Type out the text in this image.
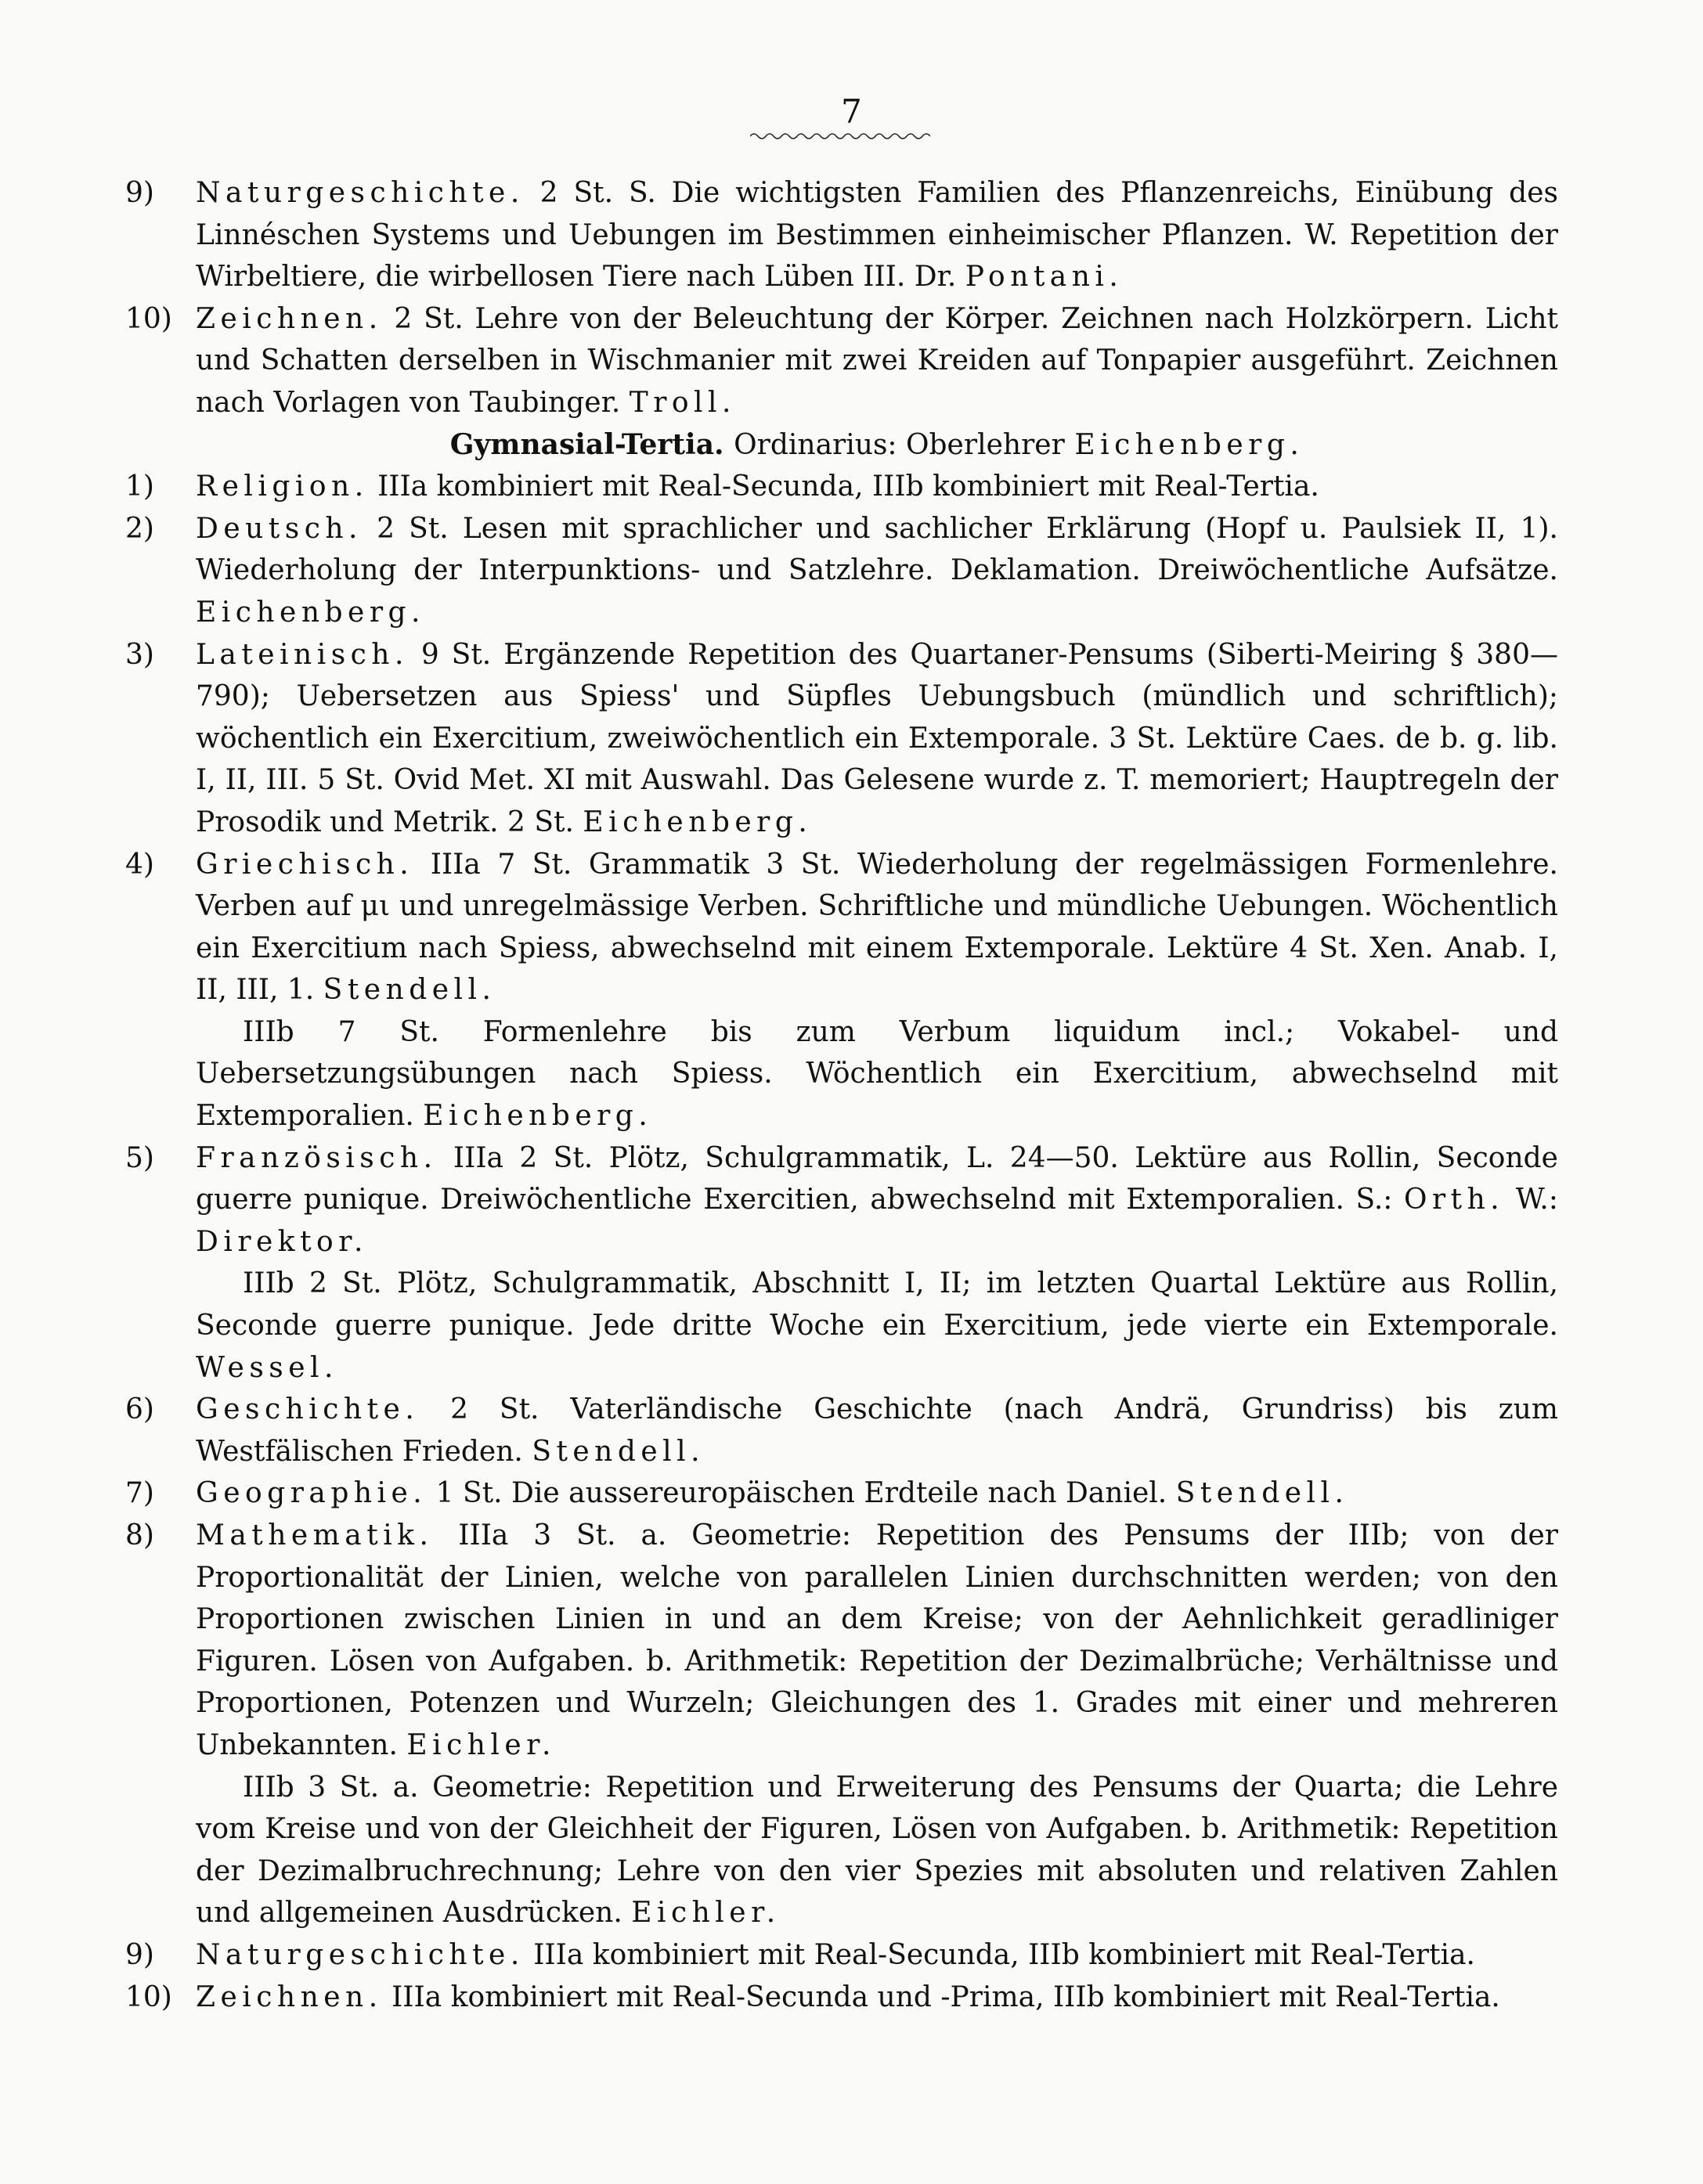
7
9)	Naturgeschichte. 2 St. S. Die wichtigsten Familien des Pflanzenreichs, Einübung des Linnéschen Systems und Uebungen im Bestimmen einheimischer Pflanzen. W. Repetition der Wirbeltiere, die wirbellosen Tiere nach Lüben III. Dr. Pontani.
10) Zeichnen. 2 St. Lehre von der Beleuchtung der Körper. Zeichnen nach Holzkörpern. Licht und Schatten derselben in Wischmanier mit zwei Kreiden auf Tonpapier ausgeführt. Zeichnen nach Vorlagen von Taubinger. Troll.
Gymnasial-Tertia. Ordinarius: Oberlehrer Eichenberg.
1)	Religion. IIIa kombiniert mit Real-Secunda, IIIb kombiniert mit Real-Tertia.
2)	Deutsch. 2 St. Lesen mit sprachlicher und sachlicher Erklärung (Hopf u. Paulsiek II, 1). Wiederholung der Interpunktions- und Satzlehre. Deklamation. Dreiwöchentliche Aufsätze. Eichenberg.
3)	Lateinisch. 9 St. Ergänzende Repetition des Quartaner-Pensums (Siberti-Meiring § 380—790); Uebersetzen aus Spiess' und Süpfles Uebungsbuch (mündlich und schriftlich); wöchentlich ein Exercitium, zweiwöchentlich ein Extemporale. 3 St. Lektüre Caes. de b. g. lib. I, II, III. 5 St. Ovid Met. XI mit Auswahl. Das Gelesene wurde z. T. memoriert; Hauptregeln der Prosodik und Metrik. 2 St. Eichenberg.
4)	Griechisch. IIIa 7 St. Grammatik 3 St. Wiederholung der regelmässigen Formenlehre. Verben auf μι und unregelmässige Verben. Schriftliche und mündliche Uebungen. Wöchentlich ein Exercitium nach Spiess, abwechselnd mit einem Extemporale. Lektüre 4 St. Xen. Anab. I, II, III, 1. Stendell.
IIIb 7 St. Formenlehre bis zum Verbum liquidum incl.; Vokabel- und Uebersetzungsübungen nach Spiess. Wöchentlich ein Exercitium, abwechselnd mit Extemporalien. Eichenberg.
5)	Französisch. IIIa 2 St. Plötz, Schulgrammatik, L. 24—50. Lektüre aus Rollin, Seconde guerre punique. Dreiwöchentliche Exercitien, abwechselnd mit Extemporalien. S.: Orth. W.: Direktor.
IIIb 2 St. Plötz, Schulgrammatik, Abschnitt I, II; im letzten Quartal Lektüre aus Rollin, Seconde guerre punique. Jede dritte Woche ein Exercitium, jede vierte ein Extemporale. Wessel.
6)	Geschichte. 2 St. Vaterländische Geschichte (nach Andrä, Grundriss) bis zum Westfälischen Frieden. Stendell.
7)	Geographie. 1 St. Die aussereuropäischen Erdteile nach Daniel. Stendell.
8)	Mathematik. IIIa 3 St. a. Geometrie: Repetition des Pensums der IIIb; von der Proportionalität der Linien, welche von parallelen Linien durchschnitten werden; von den Proportionen zwischen Linien in und an dem Kreise; von der Aehnlichkeit geradliniger Figuren. Lösen von Aufgaben. b. Arithmetik: Repetition der Dezimalbrüche; Verhältnisse und Proportionen, Potenzen und Wurzeln; Gleichungen des 1. Grades mit einer und mehreren Unbekannten. Eichler.
IIIb 3 St. a. Geometrie: Repetition und Erweiterung des Pensums der Quarta; die Lehre vom Kreise und von der Gleichheit der Figuren, Lösen von Aufgaben. b. Arithmetik: Repetition der Dezimalbruchrechnung; Lehre von den vier Spezies mit absoluten und relativen Zahlen und allgemeinen Ausdrücken. Eichler.
9)	Naturgeschichte. IIIa kombiniert mit Real-Secunda, IIIb kombiniert mit Real-Tertia.
10) Zeichnen. IIIa kombiniert mit Real-Secunda und -Prima, IIIb kombiniert mit Real-Tertia.
